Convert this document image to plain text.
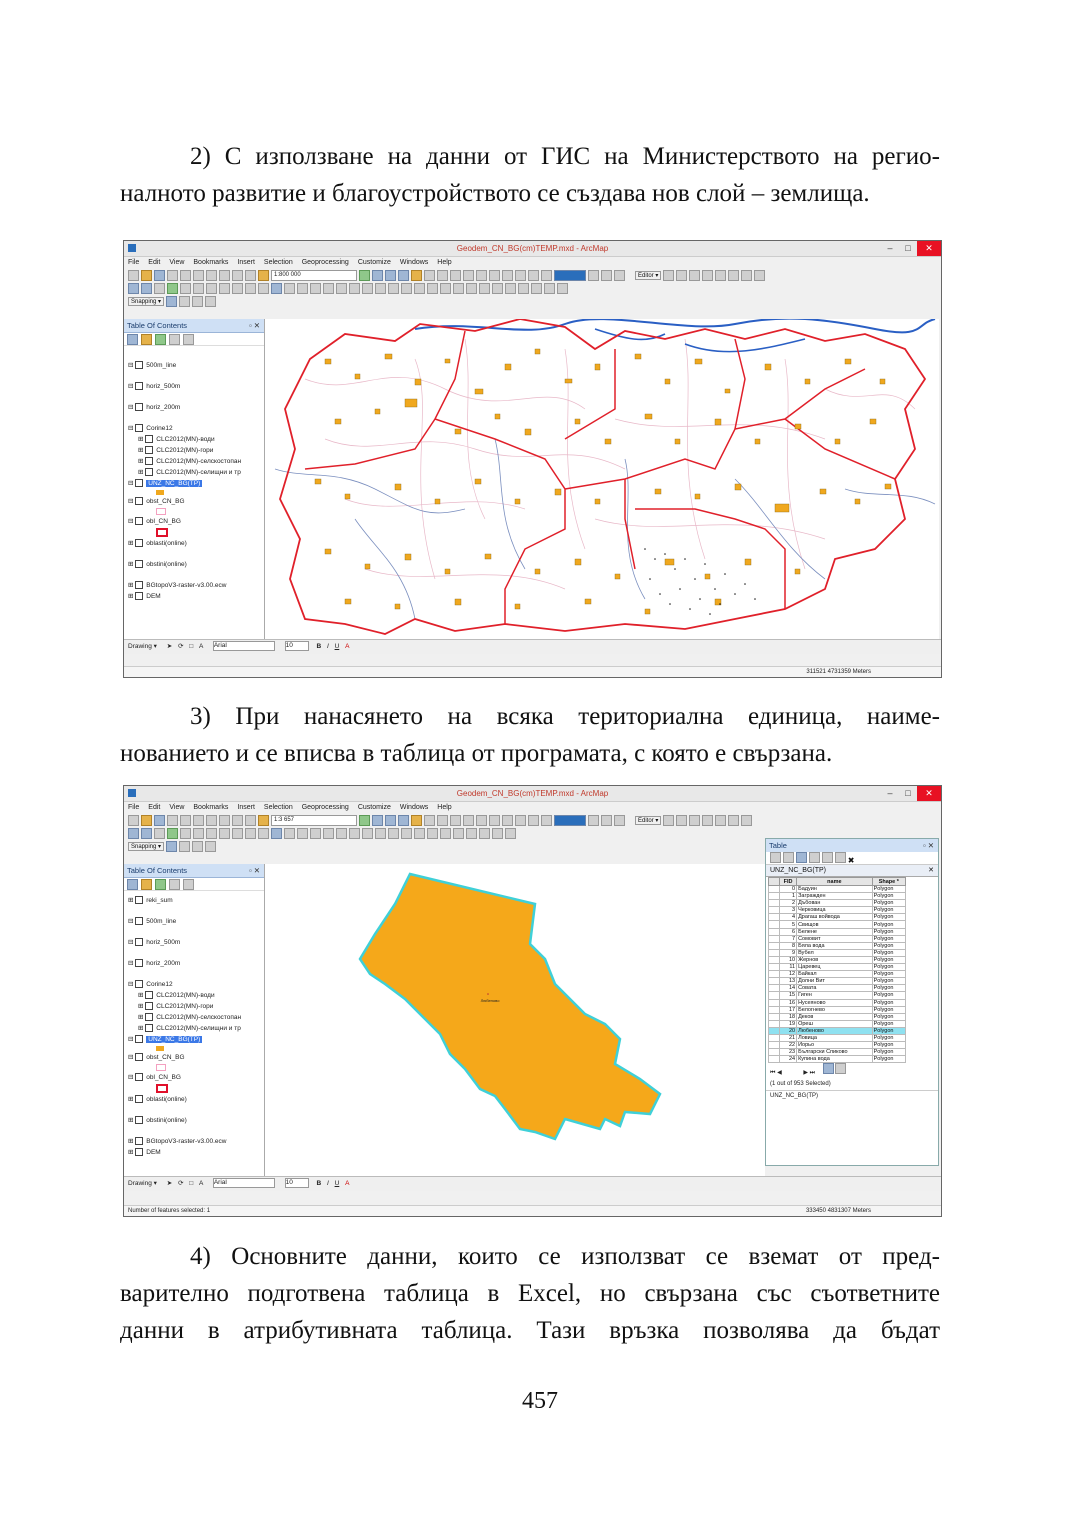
2) С използване на данни от ГИС на Министерството на регио-

налното развитие и благоустройството се създава нов слой – землища.

Geodem_CN_BG(cm)TEMP.mxd - ArcMap	–	□	✕
File Edit View Bookmarks Insert Selection Geoprocessing Customize Windows Help
1:800 000	Editor ▾
Snapping ▾
Table Of Contents	▫ ✕
⊟ 500m_line
⊟ horiz_500m
⊟ horiz_200m
⊟ Corine12
⊞ CLC2012(MN)-води
⊞ CLC2012(MN)-гори
⊞ CLC2012(MN)-селскостопан
⊞ CLC2012(MN)-селищни и тр
⊟ UNZ_NC_BG(TP)
⊟ obst_CN_BG
⊟ obl_CN_BG
⊞ oblasti(online)
⊞ obstini(online)
⊞ BGtopoV3-raster-v3.00.ecw
⊞ DEM
Drawing ▾ ➤ ⟳ □ A Arial	10	B I U A
311521 4731359 Meters

3) При нанасянето на всяка териториална единица, наиме-

нованието и се вписва в таблица от програмата, с която е свързана.

Geodem_CN_BG(cm)TEMP.mxd - ArcMap	–	□	✕
File Edit View Bookmarks Insert Selection Geoprocessing Customize Windows Help
1:3 657	Editor ▾
Snapping ▾
Table Of Contents	▫ ✕
⊞ reki_sum
⊟ 500m_line
⊟ horiz_500m
⊟ horiz_200m
⊟ Corine12
⊞ CLC2012(MN)-води
⊞ CLC2012(MN)-гори
⊞ CLC2012(MN)-селскостопан
⊞ CLC2012(MN)-селищни и тр
⊟ UNZ_NC_BG(TP)
⊟ obst_CN_BG
⊟ obl_CN_BG
⊞ oblasti(online)
⊞ obstini(online)
⊞ BGtopoV3-raster-v3.00.ecw
⊞ DEM
Любеново
Table	▫ ✕
✖
UNZ_NC_BG(TP)	✕
	FID	name	Shape *
	0	Бадуин	Polygon
	1	Загражден	Polygon
	2	Дъбован	Polygon
	3	Черковица	Polygon
	4	Драгаш войвода	Polygon
	5	Свищов	Polygon
	6	Белене	Polygon
	7	Сомовит	Polygon
	8	Бяла вода	Polygon
	9	Вубел	Polygon
	10	Жернов	Polygon
	11	Царевец	Polygon
	12	Байкал	Polygon
	13	Долни Вит	Polygon
	14	Совата	Polygon
	15	Гиген	Polygon
	16	Нусеяново	Polygon
	17	Белогнево	Polygon
	18	Деков	Polygon
	19	Ореш	Polygon
	20	Любеново	Polygon
	21	Ловица	Polygon
	22	Иорьо	Polygon
	23	Български Спиково	Polygon
	24	Купина вода	Polygon
⏮ ◀	▶ ⏭
(1 out of 953 Selected)
UNZ_NC_BG(TP)
Drawing ▾ ➤ ⟳ □ A Arial	10	B I U A
Number of features selected: 1	333450 4831307 Meters

4) Основните данни, които се използват се вземат от пред-

варително подготвена таблица в Excel, но свързана със съответните

данни в атрибутивната таблица. Тази връзка позволява да бъдат

457
